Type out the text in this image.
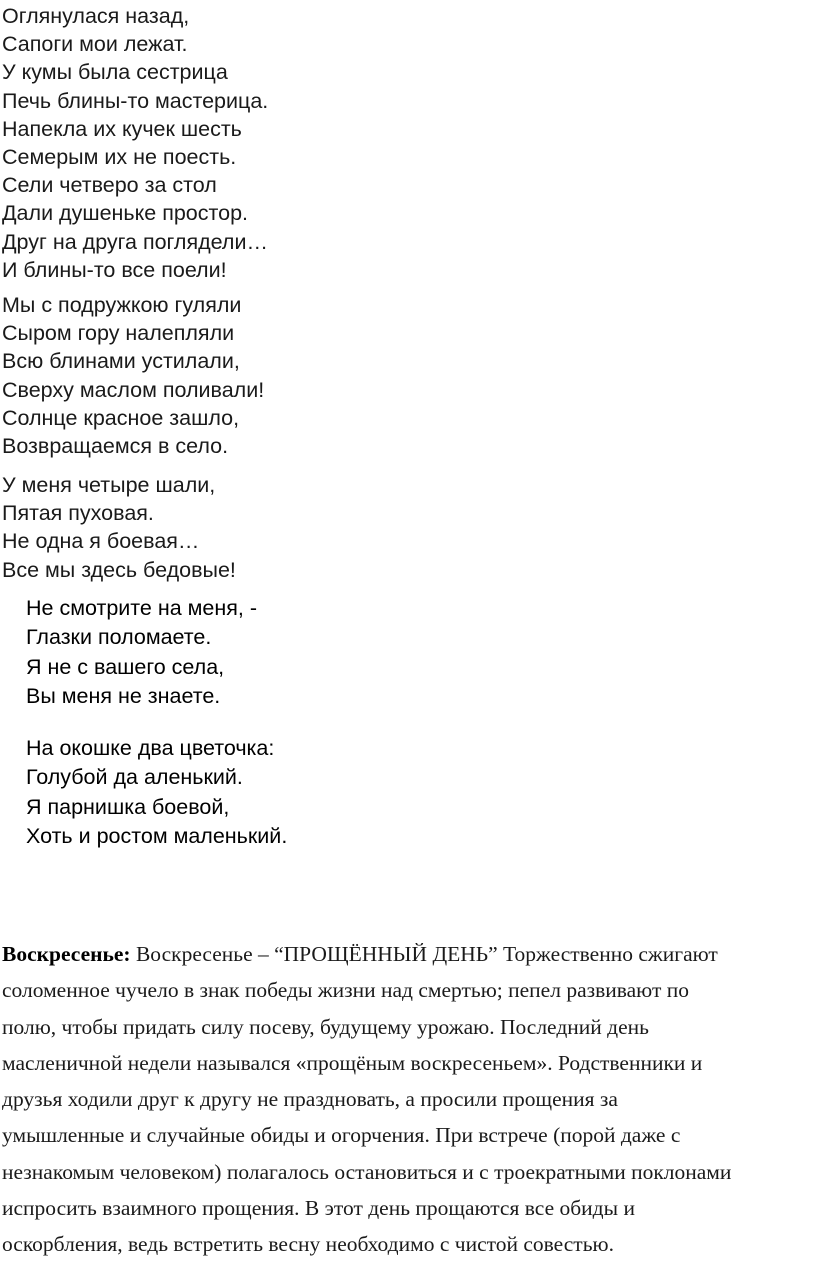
Оглянулася назад,
Сапоги мои лежат.
У кумы была сестрица
Печь блины-то мастерица.
Напекла их кучек шесть
Семерым их не поесть.
Сели четверо за стол
Дали душеньке простор.
Друг на друга поглядели…
И блины-то все поели!
Мы с подружкою гуляли
Сыром гору налепляли
Всю блинами устилали,
Сверху маслом поливали!
Солнце красное зашло,
Возвращаемся в село.
У меня четыре шали,
Пятая пуховая.
Не одна я боевая…
Все мы здесь бедовые!
Не смотрите на меня, -
Глазки поломаете.
Я не с вашего села,
Вы меня не знаете.
На окошке два цветочка:
Голубой да аленький.
Я парнишка боевой,
Хоть и ростом маленький.
Воскресенье: Воскресенье – “ПРОЩЁННЫЙ ДЕНЬ” Торжественно сжигают
соломенное чучело в знак победы жизни над смертью; пепел развивают по
полю, чтобы придать силу посеву, будущему урожаю. Последний день
масленичной недели назывался «прощёным воскресеньем». Родственники и
друзья ходили друг к другу не праздновать, а просили прощения за
умышленные и случайные обиды и огорчения. При встрече (порой даже с
незнакомым человеком) полагалось остановиться и с троекратными поклонами
испросить взаимного прощения. В этот день прощаются все обиды и
оскорбления, ведь встретить весну необходимо с чистой совестью.
